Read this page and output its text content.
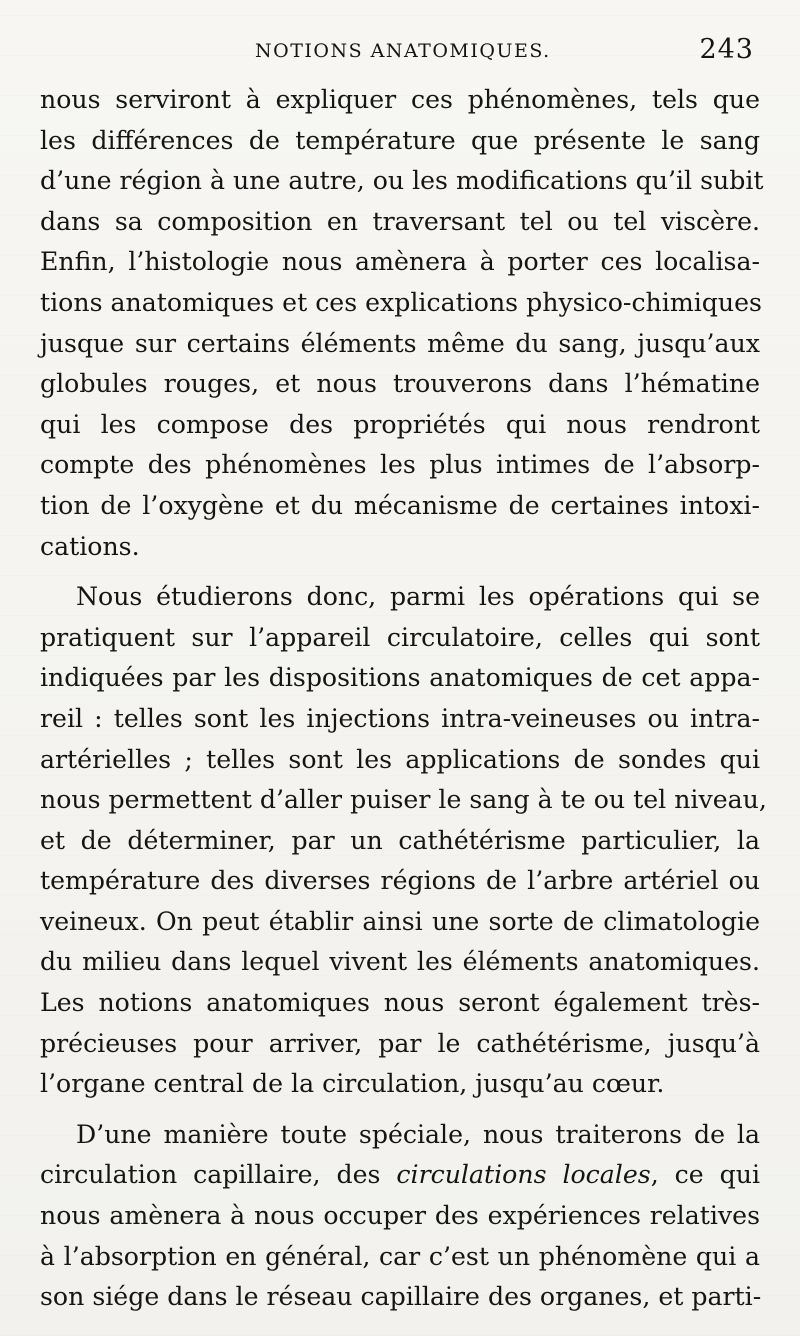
NOTIONS ANATOMIQUES.	243
nous serviront à expliquer ces phénomènes, tels que
les différences de température que présente le sang
d’une région à une autre, ou les modifications qu’il subit
dans sa composition en traversant tel ou tel viscère.
Enfin, l’histologie nous amènera à porter ces localisa-
tions anatomiques et ces explications physico-chimiques
jusque sur certains éléments même du sang, jusqu’aux
globules rouges, et nous trouverons dans l’hématine
qui les compose des propriétés qui nous rendront
compte des phénomènes les plus intimes de l’absorp-
tion de l’oxygène et du mécanisme de certaines intoxi-
cations.
Nous étudierons donc, parmi les opérations qui se
pratiquent sur l’appareil circulatoire, celles qui sont
indiquées par les dispositions anatomiques de cet appa-
reil : telles sont les injections intra-veineuses ou intra-
artérielles ; telles sont les applications de sondes qui
nous permettent d’aller puiser le sang à te ou tel niveau,
et de déterminer, par un cathétérisme particulier, la
température des diverses régions de l’arbre artériel ou
veineux. On peut établir ainsi une sorte de climatologie
du milieu dans lequel vivent les éléments anatomiques.
Les notions anatomiques nous seront également très-
précieuses pour arriver, par le cathétérisme, jusqu’à
l’organe central de la circulation, jusqu’au cœur.
D’une manière toute spéciale, nous traiterons de la
circulation capillaire, des circulations locales, ce qui
nous amènera à nous occuper des expériences relatives
à l’absorption en général, car c’est un phénomène qui a
son siége dans le réseau capillaire des organes, et parti-
